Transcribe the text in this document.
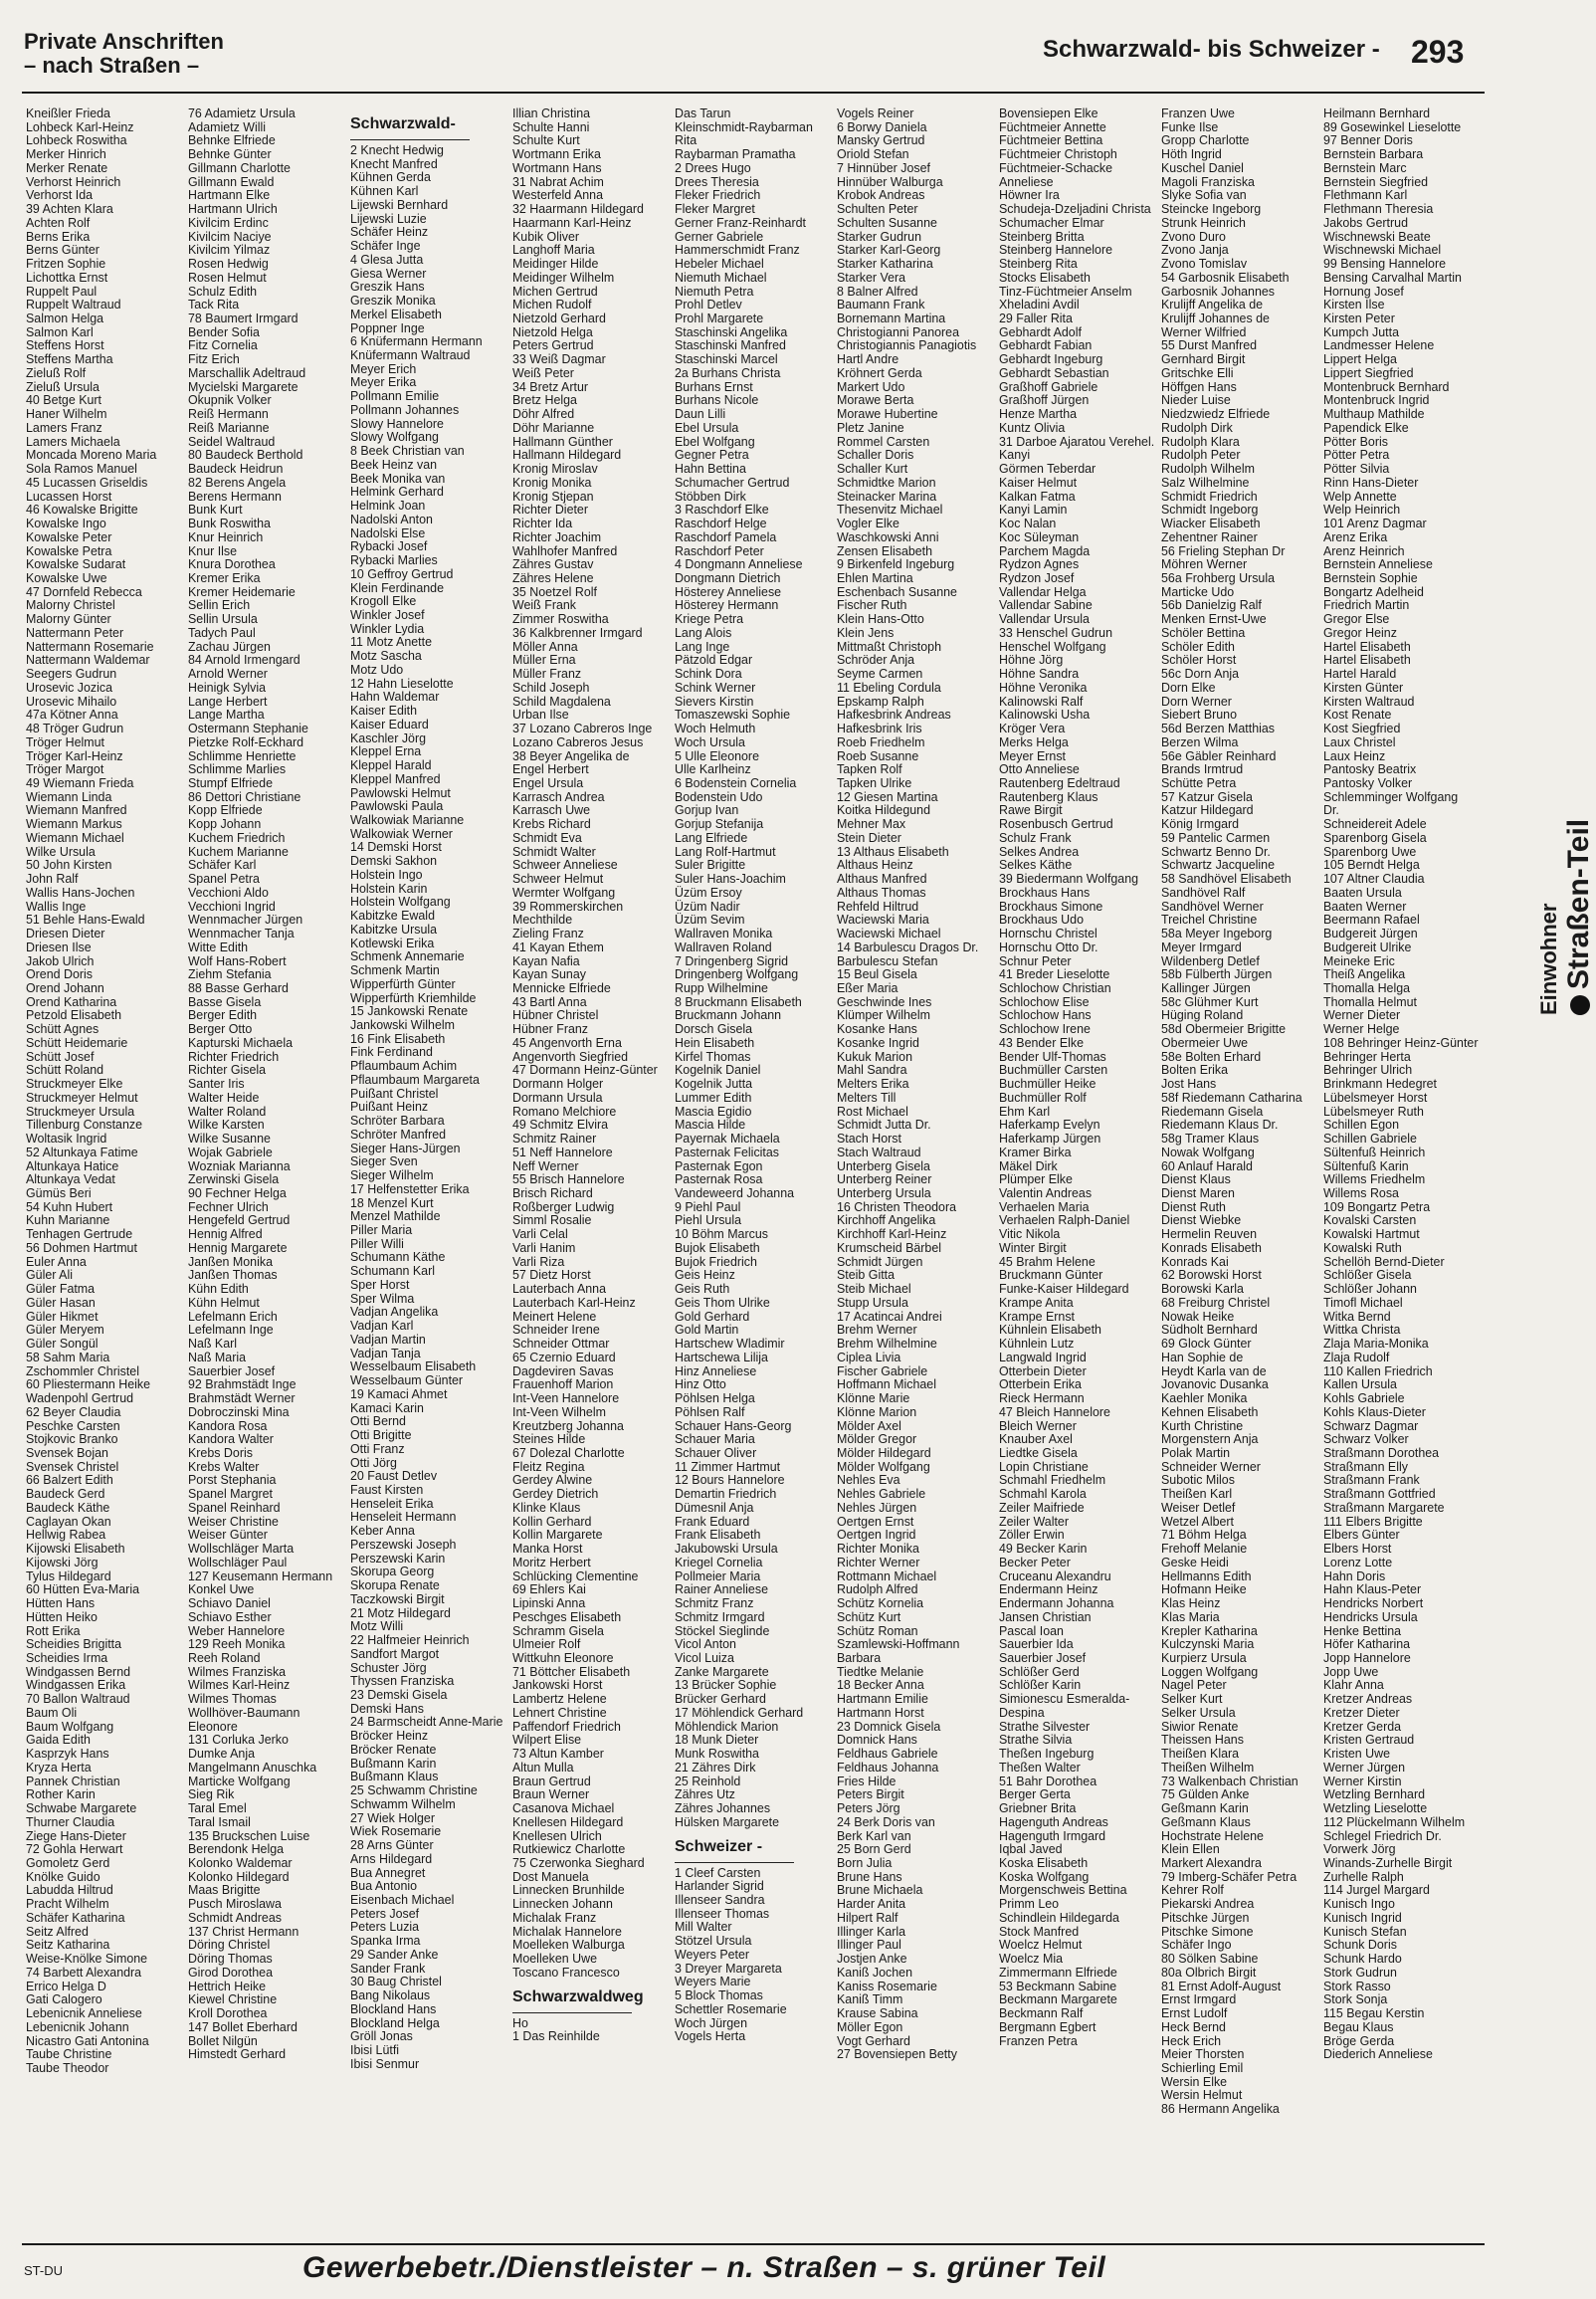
Private Anschriften
– nach Straßen –
Schwarzwald- bis Schweizer - 293
Kneißler Frieda
Lohbeck Karl-Heinz
Lohbeck Roswitha
Merker Hinrich
Merker Renate
Verhorst Heinrich
Verhorst Ida
39 Achten Klara
Achten Rolf
Berns Erika
Berns Günter
Fritzen Sophie
Lichottka Ernst
Ruppelt Paul
Ruppelt Waltraud
Salmon Helga
Salmon Karl
Steffens Horst
Steffens Martha
Zieluß Rolf
Zieluß Ursula
40 Betge Kurt
Haner Wilhelm
Lamers Franz
Lamers Michaela
Moncada Moreno Maria
Sola Ramos Manuel
45 Lucassen Griseldis
Lucassen Horst
46 Kowalske Brigitte
Kowalske Ingo
Kowalske Peter
Kowalske Petra
Kowalske Sudarat
Kowalske Uwe
47 Dornfeld Rebecca
Malorny Christel
Malorny Günter
Nattermann Peter
Nattermann Rosemarie
Nattermann Waldemar
Seegers Gudrun
Urosevic Jozica
Urosevic Mihailo
47a Kötner Anna
48 Tröger Gudrun
Tröger Helmut
Tröger Karl-Heinz
Tröger Margot
49 Wiemann Frieda
Wiemann Linda
Wiemann Manfred
Wiemann Markus
Wiemann Michael
Wilke Ursula
50 John Kirsten
John Ralf
Wallis Hans-Jochen
Wallis Inge
51 Behle Hans-Ewald
Driesen Dieter
Driesen Ilse
Jakob Ulrich
Orend Doris
Orend Johann
Orend Katharina
Petzold Elisabeth
Schütt Agnes
Schütt Heidemarie
Schütt Josef
Schütt Roland
Struckmeyer Elke
Struckmeyer Helmut
Struckmeyer Ursula
Tillenburg Constanze
Woltasik Ingrid
52 Altunkaya Fatime
Altunkaya Hatice
Altunkaya Vedat
Gümüs Beri
54 Kuhn Hubert
Kuhn Marianne
Tenhagen Gertrude
56 Dohmen Hartmut
Euler Anna
Güler Ali
Güler Fatma
Güler Hasan
Güler Hikmet
Güler Meryem
Güler Songül
58 Sahm Maria
Zschommler Christel
60 Pliestermann Heike
Wadenpohl Gertrud
62 Beyer Claudia
Peschke Carsten
Stojkovic Branko
Svensek Bojan
Svensek Christel
66 Balzert Edith
Baudeck Gerd
Baudeck Käthe
Caglayan Okan
Hellwig Rabea
Kijowski Elisabeth
Kijowski Jörg
Tylus Hildegard
60 Hütten Eva-Maria
Hütten Hans
Hütten Heiko
Rott Erika
Scheidies Brigitta
Scheidies Irma
Windgassen Bernd
Windgassen Erika
70 Ballon Waltraud
Baum Oli
Baum Wolfgang
Gaida Edith
Kasprzyk Hans
Kryza Herta
Pannek Christian
Rother Karin
Schwabe Margarete
Thurner Claudia
Ziege Hans-Dieter
72 Gohla Herwart
Gomoletz Gerd
Knölke Guido
Labudda Hiltrud
Pracht Wilhelm
Schäfer Katharina
Seitz Alfred
Seitz Katharina
Weise-Knölke Simone
74 Barbett Alexandra
Errico Helga D
Gati Calogero
Lebenicnik Anneliese
Lebenicnik Johann
Nicastro Gati Antonina
Taube Christine
Taube Theodor
76 Adamietz Ursula
Adamietz Willi
Behnke Elfriede
Behnke Günter
Gillmann Charlotte
Gillmann Ewald
Hartmann Elke
Hartmann Ulrich
Kivilcim Erdinc
Kivilcim Naciye
Kivilcim Yilmaz
Rosen Hedwig
Rosen Helmut
Schulz Edith
Tack Rita
78 Baumert Irmgard
Bender Sofia
Fitz Cornelia
Fitz Erich
Marschallik Adeltraud
Mycielski Margarete
Okupnik Volker
Reiß Hermann
Reiß Marianne
Seidel Waltraud
80 Baudeck Berthold
Baudeck Heidrun
82 Berens Angela
Berens Hermann
Bunk Kurt
Bunk Roswitha
Knur Heinrich
Knur Ilse
Knura Dorothea
Kremer Erika
Kremer Heidemarie
Sellin Erich
Sellin Ursula
Tadych Paul
Zachau Jürgen
84 Arnold Irmengard
Arnold Werner
Heinigk Sylvia
Lange Herbert
Lange Martha
Ostermann Stephanie
Pietzke Rolf-Eckhard
Schlimme Henriette
Schlimme Marlies
Stumpf Elfriede
86 Dettori Christiane
Kopp Elfriede
Kopp Johann
Kuchem Friedrich
Kuchem Marianne
Schäfer Karl
Spanel Petra
Vecchioni Aldo
Vecchioni Ingrid
Wennmacher Jürgen
Wennmacher Tanja
Witte Edith
Wolf Hans-Robert
Ziehm Stefania
88 Basse Gerhard
Basse Gisela
Berger Edith
Berger Otto
Kapturski Michaela
Richter Friedrich
Richter Gisela
Santer Iris
Walter Heide
Walter Roland
Wilke Karsten
Wilke Susanne
Wojak Gabriele
Wozniak Marianna
Zerwinski Gisela
90 Fechner Helga
Fechner Ulrich
Hengefeld Gertrud
Hennig Alfred
Hennig Margarete
Janßen Monika
Janßen Thomas
Kühn Edith
Kühn Helmut
Lefelmann Erich
Lefelmann Inge
Naß Karl
Naß Maria
Sauerbier Josef
92 Brahmstädt Inge
Brahmstädt Werner
Dobroczinski Mina
Kandora Rosa
Kandora Walter
Krebs Doris
Krebs Walter
Porst Stephania
Spanel Margret
Spanel Reinhard
Weiser Christine
Weiser Günter
Wollschläger Marta
Wollschläger Paul
127 Keusemann Hermann
Konkel Uwe
Schiavo Daniel
Schiavo Esther
Weber Hannelore
129 Reeh Monika
Reeh Roland
Wilmes Franziska
Wilmes Karl-Heinz
Wilmes Thomas
Wollhöver-Baumann
Eleonore
131 Corluka Jerko
Dumke Anja
Mangelmann Anuschka
Marticke Wolfgang
Sieg Rik
Taral Emel
Taral Ismail
135 Bruckschen Luise
Berendonk Helga
Kolonko Waldemar
Kolonko Hildegard
Maas Brigitte
Pusch Miroslawa
Schmidt Andreas
137 Christ Hermann
Döring Christel
Döring Thomas
Girod Dorothea
Hettrich Heike
Kiewel Christine
Kroll Dorothea
147 Bollet Eberhard
Bollet Nilgün
Himstedt Gerhard
Schwarzwald-
2 Knecht Hedwig
Knecht Manfred
Kühnen Gerda
Kühnen Karl
Lijewski Bernhard
Lijewski Luzie
Schäfer Heinz
Schäfer Inge
4 Glesa Jutta
Giesa Werner
Greszik Hans
Greszik Monika
Merkel Elisabeth
Poppner Inge
6 Knüfermann Hermann
Knüfermann Waltraud
Meyer Erich
Meyer Erika
Pollmann Emilie
Pollmann Johannes
Slowy Hannelore
Slowy Wolfgang
8 Beek Christian van
Beek Heinz van
Beek Monika van
Helmink Gerhard
Helmink Joan
Nadolski Anton
Nadolski Else
Rybacki Josef
Rybacki Marlies
10 Geffroy Gertrud
Klein Ferdinande
Krogoll Elke
Winkler Josef
Winkler Lydia
11 Motz Anette
Motz Sascha
Motz Udo
12 Hahn Lieselotte
Hahn Waldemar
Kaiser Edith
Kaiser Eduard
Kaschler Jörg
Kleppel Erna
Kleppel Harald
Kleppel Manfred
Pawlowski Helmut
Pawlowski Paula
Walkowiak Marianne
Walkowiak Werner
14 Demski Horst
Demski Sakhon
Holstein Ingo
Holstein Karin
Holstein Wolfgang
Kabitzke Ewald
Kabitzke Ursula
Kotlewski Erika
Schmenk Annemarie
Schmenk Martin
Wipperfürth Günter
Wipperfürth Kriemhilde
15 Jankowski Renate
Jankowski Wilhelm
16 Fink Elisabeth
Fink Ferdinand
Pflaumbaum Achim
Pflaumbaum Margareta
Puißant Christel
Puißant Heinz
Schröter Barbara
Schröter Manfred
Sieger Hans-Jürgen
Sieger Sven
Sieger Wilhelm
17 Helfenstetter Erika
18 Menzel Kurt
Menzel Mathilde
Piller Maria
Piller Willi
Schumann Käthe
Schumann Karl
Sper Horst
Sper Wilma
Vadjan Angelika
Vadjan Karl
Vadjan Martin
Vadjan Tanja
Wesselbaum Elisabeth
Wesselbaum Günter
19 Kamaci Ahmet
Kamaci Karin
Otti Bernd
Otti Brigitte
Otti Franz
Otti Jörg
20 Faust Detlev
Faust Kirsten
Henseleit Erika
Henseleit Hermann
Keber Anna
Perszewski Joseph
Perszewski Karin
Skorupa Georg
Skorupa Renate
Taczkowski Birgit
21 Motz Hildegard
Motz Willi
22 Halfmeier Heinrich
Sandfort Margot
Schuster Jörg
Thyssen Franziska
23 Demski Gisela
Demski Hans
24 Barmscheidt Anne-Marie
Bröcker Heinz
Bröcker Renate
Bußmann Karin
Bußmann Klaus
25 Schwamm Christine
Schwamm Wilhelm
27 Wiek Holger
Wiek Rosemarie
28 Arns Günter
Arns Hildegard
Bua Annegret
Bua Antonio
Eisenbach Michael
Peters Josef
Peters Luzia
Spanka Irma
29 Sander Anke
Sander Frank
30 Baug Christel
Bang Nikolaus
Blockland Hans
Blockland Helga
Gröll Jonas
Ibisi Lütfi
Ibisi Senmur
Illian Christina
Schulte Hanni
Schulte Kurt
Wortmann Erika
Wortmann Hans
31 Nabrat Achim
Westerfeld Anna
32 Haarmann Hildegard
Haarmann Karl-Heinz
Kubik Oliver
Langhoff Maria
Meidinger Hilde
Meidinger Wilhelm
Michen Gertrud
Michen Rudolf
Nietzold Gerhard
Nietzold Helga
Peters Gertrud
33 Weiß Dagmar
Weiß Peter
34 Bretz Artur
Bretz Helga
Döhr Alfred
Döhr Marianne
Hallmann Günther
Hallmann Hildegard
Kronig Miroslav
Kronig Monika
Kronig Stjepan
Richter Dieter
Richter Ida
Richter Joachim
Wahlhofer Manfred
Zähres Gustav
Zähres Helene
35 Noetzel Rolf
Weiß Frank
Zimmer Roswitha
36 Kalkbrenner Irmgard
Möller Anna
Müller Erna
Müller Franz
Schild Joseph
Schild Magdalena
Urban Ilse
37 Lozano Cabreros Inge
Lozano Cabreros Jesus
38 Beyer Angelika de
Engel Herbert
Engel Ursula
Karrasch Andrea
Karrasch Uwe
Krebs Richard
Schmidt Eva
Schmidt Walter
Schweer Anneliese
Schweer Helmut
Wermter Wolfgang
39 Rommerskirchen
Mechthilde
Zieling Franz
41 Kayan Ethem
Kayan Nafia
Kayan Sunay
Mennicke Elfriede
43 Bartl Anna
Hübner Christel
Hübner Franz
45 Angenvorth Erna
Angenvorth Siegfried
47 Dormann Heinz-Günter
Dormann Holger
Dormann Ursula
Romano Melchiore
49 Schmitz Elvira
Schmitz Rainer
51 Neff Hannelore
Neff Werner
55 Brisch Hannelore
Brisch Richard
Roßberger Ludwig
Simml Rosalie
Varli Celal
Varli Hanim
Varli Riza
57 Dietz Horst
Lauterbach Anna
Lauterbach Karl-Heinz
Meinert Helene
Schneider Irene
Schneider Ottmar
65 Czernio Eduard
Dagdeviren Savas
Frauenhoff Marion
Int-Veen Hannelore
Int-Veen Wilhelm
Kreutzberg Johanna
Steines Hilde
67 Dolezal Charlotte
Fleitz Regina
Gerdey Alwine
Gerdey Dietrich
Klinke Klaus
Kollin Gerhard
Kollin Margarete
Manka Horst
Moritz Herbert
Schlücking Clementine
69 Ehlers Kai
Lipinski Anna
Peschges Elisabeth
Schramm Gisela
Ulmeier Rolf
Wittkuhn Eleonore
71 Böttcher Elisabeth
Jankowski Horst
Lambertz Helene
Lehnert Christine
Paffendorf Friedrich
Wilpert Elise
73 Altun Kamber
Altun Mulla
Braun Gertrud
Braun Werner
Casanova Michael
Knellesen Hildegard
Knellesen Ulrich
Rutkiewicz Charlotte
75 Czerwonka Sieghard
Dost Manuela
Linnecken Brunhilde
Linnecken Johann
Michalak Franz
Michalak Hannelore
Moelleken Walburga
Moelleken Uwe
Toscano Francesco
Schwarzwaldweg
Ho
1 Das Reinhilde
Das Tarun
Kleinschmidt-Raybarman
Rita
Raybarman Pramatha
2 Drees Hugo
Drees Theresia
Fleker Friedrich
Fleker Margret
Gerner Franz-Reinhardt
Gerner Gabriele
Hammerschmidt Franz
Hebeler Michael
Niemuth Michael
Niemuth Petra
Prohl Detlev
Prohl Margarete
Staschinski Angelika
Staschinski Manfred
Staschinski Marcel
2a Burhans Christa
Burhans Ernst
Burhans Nicole
Daun Lilli
Ebel Ursula
Ebel Wolfgang
Gegner Petra
Hahn Bettina
Schumacher Gertrud
Stöbben Dirk
3 Raschdorf Elke
Raschdorf Helge
Raschdorf Pamela
Raschdorf Peter
4 Dongmann Anneliese
Dongmann Dietrich
Hösterey Anneliese
Hösterey Hermann
Kriege Petra
Lang Alois
Lang Inge
Pätzold Edgar
Schink Dora
Schink Werner
Sievers Kirstin
Tomaszewski Sophie
Woch Helmuth
Woch Ursula
5 Ulle Eleonore
Ulle Karlheinz
6 Bodenstein Cornelia
Bodenstein Udo
Gorjup Ivan
Gorjup Stefanija
Lang Elfriede
Lang Rolf-Hartmut
Suler Brigitte
Suler Hans-Joachim
Üzüm Ersoy
Üzüm Nadir
Üzüm Sevim
Wallraven Monika
Wallraven Roland
7 Dringenberg Sigrid
Dringenberg Wolfgang
Rupp Wilhelmine
8 Bruckmann Elisabeth
Bruckmann Johann
Dorsch Gisela
Hein Elisabeth
Kirfel Thomas
Kogelnik Daniel
Kogelnik Jutta
Lummer Edith
Mascia Egidio
Mascia Hilde
Payernak Michaela
Pasternak Felicitas
Pasternak Egon
Pasternak Rosa
Vandeweerd Johanna
9 Piehl Paul
Piehl Ursula
10 Böhm Marcus
Bujok Elisabeth
Bujok Friedrich
Geis Heinz
Geis Ruth
Geis Thom Ulrike
Gold Gerhard
Gold Martin
Hartschew Wladimir
Hartschewa Lilija
Hinz Anneliese
Hinz Otto
Pöhlsen Helga
Pöhlsen Ralf
Schauer Hans-Georg
Schauer Maria
Schauer Oliver
11 Zimmer Hartmut
12 Bours Hannelore
Demartin Friedrich
Dümesnil Anja
Frank Eduard
Frank Elisabeth
Jakubowski Ursula
Kriegel Cornelia
Pollmeier Maria
Rainer Anneliese
Schmitz Franz
Schmitz Irmgard
Stöckel Sieglinde
Vicol Anton
Vicol Luiza
Zanke Margarete
13 Brücker Sophie
Brücker Gerhard
17 Möhlendick Gerhard
Möhlendick Marion
18 Munk Dieter
Munk Roswitha
21 Zähres Dirk
25 Reinhold
Zähres Utz
Zähres Johannes
Hülsken Margarete
Schweizer -
1 Cleef Carsten
Harlander Sigrid
Illenseer Sandra
Illenseer Thomas
Mill Walter
Stötzel Ursula
Weyers Peter
3 Dreyer Margareta
Weyers Marie
5 Block Thomas
Schettler Rosemarie
Woch Jürgen
Vogels Herta
Vogels Reiner
6 Borwy Daniela
Mansky Gertrud
Oriold Stefan
7 Hinnüber Josef
Hinnüber Walburga
Krobok Andreas
Schulten Peter
Schulten Susanne
Starker Gudrun
Starker Karl-Georg
Starker Katharina
Starker Vera
8 Balner Alfred
Baumann Frank
Bornemann Martina
Christogianni Panorea
Christogiannis Panagiotis
Hartl Andre
Kröhnert Gerda
Markert Udo
Morawe Berta
Morawe Hubertine
Pletz Janine
Rommel Carsten
Schaller Doris
Schaller Kurt
Schmidtke Marion
Steinacker Marina
Thesenvitz Michael
Vogler Elke
Waschkowski Anni
Zensen Elisabeth
9 Birkenfeld Ingeburg
Ehlen Martina
Eschenbach Susanne
Fischer Ruth
Klein Hans-Otto
Klein Jens
Mittmaßt Christoph
Schröder Anja
Seyme Carmen
11 Ebeling Cordula
Epskamp Ralph
Hafkesbrink Andreas
Hafkesbrink Iris
Roeb Friedhelm
Roeb Susanne
Tapken Rolf
Tapken Ulrike
12 Giesen Martina
Koitka Hildegund
Mehner Max
Stein Dieter
13 Althaus Elisabeth
Althaus Heinz
Althaus Manfred
Althaus Thomas
Rehfeld Hiltrud
Waciewski Maria
Waciewski Michael
14 Barbulescu Dragos Dr.
Barbulescu Stefan
15 Beul Gisela
Eßer Maria
Geschwinde Ines
Klümper Wilhelm
Kosanke Hans
Kosanke Ingrid
Kukuk Marion
Mahl Sandra
Melters Erika
Melters Till
Rost Michael
Schmidt Jutta Dr.
Stach Horst
Stach Waltraud
Unterberg Gisela
Unterberg Reiner
Unterberg Ursula
16 Christen Theodora
Kirchhoff Angelika
Kirchhoff Karl-Heinz
Krumscheid Bärbel
Schmidt Jürgen
Steib Gitta
Steib Michael
Stupp Ursula
17 Acatincai Andrei
Brehm Werner
Brehm Wilhelmine
Ciplea Livia
Fischer Gabriele
Hoffmann Michael
Klönne Marie
Klönne Marion
Mölder Axel
Mölder Gregor
Mölder Hildegard
Mölder Wolfgang
Nehles Eva
Nehles Gabriele
Nehles Jürgen
Oertgen Ernst
Oertgen Ingrid
Richter Monika
Richter Werner
Rottmann Michael
Rudolph Alfred
Schütz Kornelia
Schütz Kurt
Schütz Roman
Szamlewski-Hoffmann
Barbara
Tiedtke Melanie
18 Becker Anna
Hartmann Emilie
Hartmann Horst
23 Domnick Gisela
Domnick Hans
Feldhaus Gabriele
Feldhaus Johanna
Fries Hilde
Peters Birgit
Peters Jörg
24 Berk Doris van
Berk Karl van
25 Born Gerd
Born Julia
Brune Hans
Brune Michaela
Harder Anita
Hilpert Ralf
Illinger Karla
Illinger Paul
Jostjen Anke
Kaniß Jochen
Kaniss Rosemarie
Kaniß Timm
Krause Sabina
Möller Egon
Vogt Gerhard
27 Bovensiepen Betty
Bovensiepen Elke
Füchtmeier Annette
Füchtmeier Bettina
Füchtmeier Christoph
Füchtmeier-Schacke
Anneliese
Höwner Ira
Schudeja-Dzeljadini Christa
Schumacher Elmar
Steinberg Britta
Steinberg Hannelore
Steinberg Rita
Stocks Elisabeth
Tinz-Füchtmeier Anselm
Xheladini Avdil
29 Faller Rita
Gebhardt Adolf
Gebhardt Fabian
Gebhardt Ingeburg
Gebhardt Sebastian
Graßhoff Gabriele
Graßhoff Jürgen
Henze Martha
Kuntz Olivia
31 Darboe Ajaratou Verehel.
Kanyi
Görmen Teberdar
Kaiser Helmut
Kalkan Fatma
Kanyi Lamin
Koc Nalan
Koc Süleyman
Parchem Magda
Rydzon Agnes
Rydzon Josef
Vallendar Helga
Vallendar Sabine
Vallendar Ursula
33 Henschel Gudrun
Henschel Wolfgang
Höhne Jörg
Höhne Sandra
Höhne Veronika
Kalinowski Ralf
Kalinowski Usha
Kröger Vera
Merks Helga
Meyer Ernst
Otto Anneliese
Rautenberg Edeltraud
Rautenberg Klaus
Rawe Birgit
Rosenbusch Gertrud
Schulz Frank
Selkes Andrea
Selkes Käthe
39 Biedermann Wolfgang
Brockhaus Hans
Brockhaus Simone
Brockhaus Udo
Hornschu Christel
Hornschu Otto Dr.
Schnur Peter
41 Breder Lieselotte
Schlochow Christian
Schlochow Elise
Schlochow Hans
Schlochow Irene
43 Bender Elke
Bender Ulf-Thomas
Buchmüller Carsten
Buchmüller Heike
Buchmüller Rolf
Ehm Karl
Haferkamp Evelyn
Haferkamp Jürgen
Kramer Birka
Mäkel Dirk
Plümper Elke
Valentin Andreas
Verhaelen Maria
Verhaelen Ralph-Daniel
Vitic Nikola
Winter Birgit
45 Brahm Helene
Bruckmann Günter
Funke-Kaiser Hildegard
Krampe Anita
Krampe Ernst
Kühnlein Elisabeth
Kühnlein Lutz
Langwald Ingrid
Otterbein Dieter
Otterbein Erika
Rieck Hermann
47 Bleich Hannelore
Bleich Werner
Knauber Axel
Liedtke Gisela
Lopin Christiane
Schmahl Friedhelm
Schmahl Karola
Zeiler Maifriede
Zeiler Walter
Zöller Erwin
49 Becker Karin
Becker Peter
Cruceanu Alexandru
Endermann Heinz
Endermann Johanna
Jansen Christian
Pascal Ioan
Sauerbier Ida
Sauerbier Josef
Schlößer Gerd
Schlößer Karin
Simionescu Esmeralda-
Despina
Strathe Silvester
Strathe Silvia
Theßen Ingeburg
Theßen Walter
51 Bahr Dorothea
Berger Gerta
Griebner Brita
Hagenguth Andreas
Hagenguth Irmgard
Iqbal Javed
Koska Elisabeth
Koska Wolfgang
Morgenschweis Bettina
Primm Leo
Schindlein Hildegarda
Stock Manfred
Woelcz Helmut
Woelcz Mia
Zimmermann Elfriede
53 Beckmann Sabine
Beckmann Margarete
Beckmann Ralf
Bergmann Egbert
Franzen Petra
Franzen Uwe
Funke Ilse
Gropp Charlotte
Höth Ingrid
Kuschel Daniel
Magoli Franziska
Slyke Sofia van
Steincke Ingeborg
Strunk Heinrich
Zvono Duro
Zvono Janja
Zvono Tomislav
54 Garbosnik Elisabeth
Garbosnik Johannes
Krulijff Angelika de
Krulijff Johannes de
Werner Wilfried
55 Durst Manfred
Gernhard Birgit
Gritschke Elli
Höffgen Hans
Nieder Luise
Niedzwiedz Elfriede
Rudolph Dirk
Rudolph Klara
Rudolph Peter
Rudolph Wilhelm
Salz Wilhelmine
Schmidt Friedrich
Schmidt Ingeborg
Wiacker Elisabeth
Zehentner Rainer
56 Frieling Stephan Dr
Möhren Werner
56a Frohberg Ursula
Marticke Udo
56b Danielzig Ralf
Menken Ernst-Uwe
Schöler Bettina
Schöler Edith
Schöler Horst
56c Dorn Anja
Dorn Elke
Dorn Werner
Siebert Bruno
56d Berzen Matthias
Berzen Wilma
56e Gäbler Reinhard
Brands Irmtrud
Schütte Petra
57 Katzur Gisela
Katzur Hildegard
König Irmgard
59 Pantelic Carmen
Schwartz Benno Dr.
Schwartz Jacqueline
58 Sandhövel Elisabeth
Sandhövel Ralf
Sandhövel Werner
Treichel Christine
58a Meyer Ingeborg
Meyer Irmgard
Wildenberg Detlef
58b Fülberth Jürgen
Kallinger Jürgen
58c Glühmer Kurt
Hüging Roland
58d Obermeier Brigitte
Obermeier Uwe
58e Bolten Erhard
Bolten Erika
Jost Hans
58f Riedemann Catharina
Riedemann Gisela
Riedemann Klaus Dr.
58g Tramer Klaus
Nowak Wolfgang
60 Anlauf Harald
Dienst Klaus
Dienst Maren
Dienst Ruth
Dienst Wiebke
Hermelin Reuven
Konrads Elisabeth
Konrads Kai
62 Borowski Horst
Borowski Karla
68 Freiburg Christel
Nowak Heike
Südholt Bernhard
69 Glock Günter
Han Sophie de
Heydt Karla van de
Jovanovic Dusanka
Kaehler Monika
Kehnen Elisabeth
Kurth Christine
Morgenstern Anja
Polak Martin
Schneider Werner
Subotic Milos
Theißen Karl
Weiser Detlef
Wetzel Albert
71 Böhm Helga
Frehoff Melanie
Geske Heidi
Hellmanns Edith
Hofmann Heike
Klas Heinz
Klas Maria
Krepler Katharina
Kulczynski Maria
Kurpierz Ursula
Loggen Wolfgang
Nagel Peter
Selker Kurt
Selker Ursula
Siwior Renate
Theissen Hans
Theißen Klara
Theißen Wilhelm
73 Walkenbach Christian
75 Gülden Anke
Geßmann Karin
Geßmann Klaus
Hochstrate Helene
Klein Ellen
Markert Alexandra
79 Imberg-Schäfer Petra
Kehrer Rolf
Piekarski Andrea
Pitschke Jürgen
Pitschke Simone
Schäfer Ingo
80 Sölken Sabine
80a Olbrich Birgit
81 Ernst Adolf-August
Ernst Irmgard
Ernst Ludolf
Heck Bernd
Heck Erich
Meier Thorsten
Schierling Emil
Wersin Elke
Wersin Helmut
86 Hermann Angelika
Heilmann Bernhard
89 Gosewinkel Lieselotte
97 Benner Doris
Bernstein Barbara
Bernstein Marc
Bernstein Siegfried
Flethmann Karl
Flethmann Theresia
Jakobs Gertrud
Wischnewski Beate
Wischnewski Michael
99 Bensing Hannelore
Bensing Carvalhal Martin
Hornung Josef
Kirsten Ilse
Kirsten Peter
Kumpch Jutta
Landmesser Helene
Lippert Helga
Lippert Siegfried
Montenbruck Bernhard
Montenbruck Ingrid
Multhaup Mathilde
Papendick Elke
Pötter Boris
Pötter Petra
Pötter Silvia
Rinn Hans-Dieter
Welp Annette
Welp Heinrich
101 Arenz Dagmar
Arenz Erika
Arenz Heinrich
Bernstein Anneliese
Bernstein Sophie
Bongartz Adelheid
Friedrich Martin
Gregor Else
Gregor Heinz
Hartel Elisabeth
Hartel Elisabeth
Hartel Harald
Kirsten Günter
Kirsten Waltraud
Kost Renate
Kost Siegfried
Laux Christel
Laux Heinz
Pantosky Beatrix
Pantosky Volker
Schlemminger Wolfgang
Dr.
Schneidereit Adele
Sparenborg Gisela
Sparenborg Uwe
105 Berndt Helga
107 Altner Claudia
Baaten Ursula
Baaten Werner
Beermann Rafael
Budgereit Jürgen
Budgereit Ulrike
Meineke Eric
Theiß Angelika
Thomalla Helga
Thomalla Helmut
Werner Dieter
Werner Helge
108 Behringer Heinz-Günter
Behringer Herta
Behringer Ulrich
Brinkmann Hedegret
Lübelsmeyer Horst
Lübelsmeyer Ruth
Schillen Egon
Schillen Gabriele
Sültenfuß Heinrich
Sültenfuß Karin
Willems Friedhelm
Willems Rosa
109 Bongartz Petra
Kovalski Carsten
Kowalski Hartmut
Kowalski Ruth
Schellöh Bernd-Dieter
Schlößer Gisela
Schlößer Johann
Timofl Michael
Witka Bernd
Wittka Christa
Zlaja Maria-Monika
Zlaja Rudolf
110 Kallen Friedrich
Kallen Ursula
Kohls Gabriele
Kohls Klaus-Dieter
Schwarz Dagmar
Schwarz Volker
Straßmann Dorothea
Straßmann Elly
Straßmann Frank
Straßmann Gottfried
Straßmann Margarete
111 Elbers Brigitte
Elbers Günter
Elbers Horst
Lorenz Lotte
Hahn Doris
Hahn Klaus-Peter
Hendricks Norbert
Hendricks Ursula
Henke Bettina
Höfer Katharina
Jopp Hannelore
Jopp Uwe
Klahr Anna
Kretzer Andreas
Kretzer Dieter
Kretzer Gerda
Kristen Gertraud
Kristen Uwe
Werner Jürgen
Werner Kirstin
Wetzling Bernhard
Wetzling Lieselotte
112 Plückelmann Wilhelm
Schlegel Friedrich Dr.
Vorwerk Jörg
Winands-Zurhelle Birgit
Zurhelle Ralph
114 Jurgel Margard
Kunisch Ingo
Kunisch Ingrid
Kunisch Stefan
Schunk Doris
Schunk Hardo
Stork Gudrun
Stork Rasso
Stork Sonja
115 Begau Kerstin
Begau Klaus
Bröge Gerda
Diederich Anneliese
Einwohner Straßen-Teil
ST-DU	Gewerbebetr./Dienstleister – n. Straßen – s. grüner Teil
